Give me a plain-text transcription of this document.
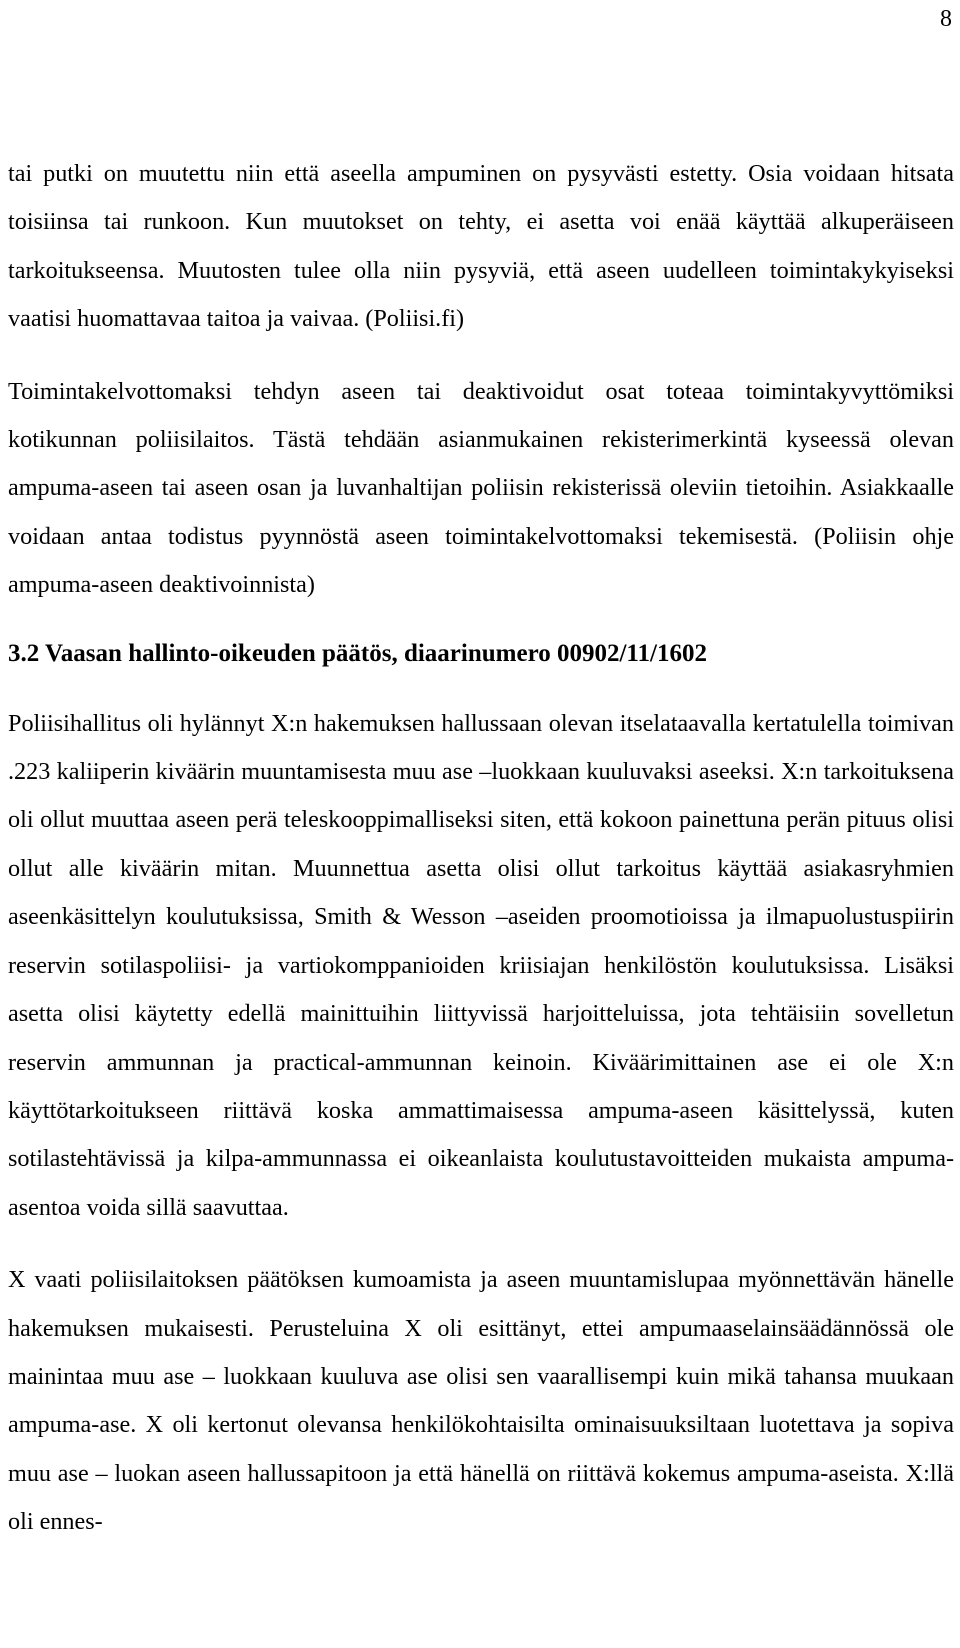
8

tai putki on muutettu niin että aseella ampuminen on pysyvästi estetty. Osia voidaan hitsata toisiinsa tai runkoon. Kun muutokset on tehty, ei asetta voi enää käyttää alkuperäiseen tarkoitukseensa. Muutosten tulee olla niin pysyviä, että aseen uudelleen toimintakykyiseksi vaatisi huomattavaa taitoa ja vaivaa. (Poliisi.fi)

Toimintakelvottomaksi tehdyn aseen tai deaktivoidut osat toteaa toimintakyvyttömiksi kotikunnan poliisilaitos. Tästä tehdään asianmukainen rekisterimerkintä kyseessä olevan ampuma-aseen tai aseen osan ja luvanhaltijan poliisin rekisterissä oleviin tietoihin. Asiakkaalle voidaan antaa todistus pyynnöstä aseen toimintakelvottomaksi tekemisestä. (Poliisin ohje ampuma-aseen deaktivoinnista)

3.2 Vaasan hallinto-oikeuden päätös, diaarinumero 00902/11/1602

Poliisihallitus oli hylännyt X:n hakemuksen hallussaan olevan itselataavalla kertatulella toimivan .223 kaliiperin kiväärin muuntamisesta muu ase –luokkaan kuuluvaksi aseeksi. X:n tarkoituksena oli ollut muuttaa aseen perä teleskooppimalliseksi siten, että kokoon painettuna perän pituus olisi ollut alle kiväärin mitan. Muunnettua asetta olisi ollut tarkoitus käyttää asiakasryhmien aseenkäsittelyn koulutuksissa, Smith & Wesson –aseiden proomotioissa ja ilmapuolustuspiirin reservin sotilaspoliisi- ja vartiokomppanioiden kriisiajan henkilöstön koulutuksissa. Lisäksi asetta olisi käytetty edellä mainittuihin liittyvissä harjoitteluissa, jota tehtäisiin sovelletun reservin ammunnan ja practical-ammunnan keinoin. Kiväärimittainen ase ei ole X:n käyttötarkoitukseen riittävä koska ammattimaisessa ampuma-aseen käsittelyssä, kuten sotilastehtävissä ja kilpa-ammunnassa ei oikeanlaista koulutustavoitteiden mukaista ampuma-asentoa voida sillä saavuttaa.

X vaati poliisilaitoksen päätöksen kumoamista ja aseen muuntamislupaa myönnettävän hänelle hakemuksen mukaisesti. Perusteluina X oli esittänyt, ettei ampumaaselainsäädännössä ole mainintaa muu ase – luokkaan kuuluva ase olisi sen vaarallisempi kuin mikä tahansa muukaan ampuma-ase. X oli kertonut olevansa henkilökohtaisilta ominaisuuksiltaan luotettava ja sopiva muu ase – luokan aseen hallussapitoon ja että hänellä on riittävä kokemus ampuma-aseista. X:llä oli ennes-
